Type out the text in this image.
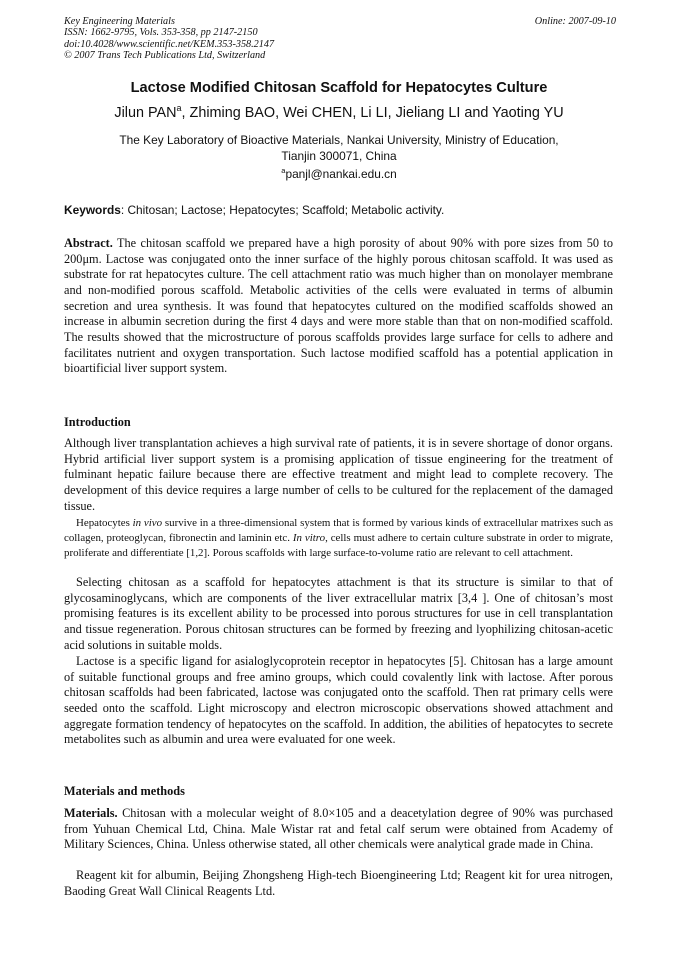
Key Engineering Materials
ISSN: 1662-9795, Vols. 353-358, pp 2147-2150
doi:10.4028/www.scientific.net/KEM.353-358.2147
© 2007 Trans Tech Publications Ltd, Switzerland
Online: 2007-09-10
Lactose Modified Chitosan Scaffold for Hepatocytes Culture
Jilun PAN$^a$, Zhiming BAO, Wei CHEN, Li LI, Jieliang LI and Yaoting YU
The Key Laboratory of Bioactive Materials, Nankai University, Ministry of Education,
Tianjin 300071, China
$^a$panjl@nankai.edu.cn
Keywords: Chitosan; Lactose; Hepatocytes; Scaffold; Metabolic activity.

Abstract. The chitosan scaffold we prepared have a high porosity of about 90% with pore sizes from 50 to 200μm. Lactose was conjugated onto the inner surface of the highly porous chitosan scaffold. It was used as substrate for rat hepatocytes culture. The cell attachment ratio was much higher than on monolayer membrane and non-modified porous scaffold. Metabolic activities of the cells were evaluated in terms of albumin secretion and urea synthesis. It was found that hepatocytes cultured on the modified scaffolds showed an increase in albumin secretion during the first 4 days and were more stable than that on non-modified scaffold. The results showed that the microstructure of porous scaffolds provides large surface for cells to adhere and facilitates nutrient and oxygen transportation. Such lactose modified scaffold has a potential application in bioartificial liver support system.

Introduction

Although liver transplantation achieves a high survival rate of patients, it is in severe shortage of donor organs. Hybrid artificial liver support system is a promising application of tissue engineering for the treatment of fulminant hepatic failure because there are effective treatment and might lead to complete recovery. The development of this device requires a large number of cells to be cultured for the replacement of the damaged tissue.

Hepatocytes in vivo survive in a three-dimensional system that is formed by various kinds of extracellular matrixes such as collagen, proteoglycan, fibronectin and laminin etc. In vitro, cells must adhere to certain culture substrate in order to migrate, proliferate and differentiate [1,2]. Porous scaffolds with large surface-to-volume ratio are relevant to cell attachment.

Selecting chitosan as a scaffold for hepatocytes attachment is that its structure is similar to that of glycosaminoglycans, which are components of the liver extracellular matrix [3,4 ]. One of chitosan’s most promising features is its excellent ability to be processed into porous structures for use in cell transplantation and tissue regeneration. Porous chitosan structures can be formed by freezing and lyophilizing chitosan-acetic acid solutions in suitable molds.

Lactose is a specific ligand for asialoglycoprotein receptor in hepatocytes [5]. Chitosan has a large amount of suitable functional groups and free amino groups, which could covalently link with lactose. After porous chitosan scaffolds had been fabricated, lactose was conjugated onto the scaffold. Then rat primary cells were seeded onto the scaffold. Light microscopy and electron microscopic observations showed attachment and aggregate formation tendency of hepatocytes on the scaffold. In addition, the abilities of hepatocytes to secrete metabolites such as albumin and urea were evaluated for one week.

Materials and methods

Materials. Chitosan with a molecular weight of 8.0×105 and a deacetylation degree of 90% was purchased from Yuhuan Chemical Ltd, China. Male Wistar rat and fetal calf serum were obtained from Academy of Military Sciences, China. Unless otherwise stated, all other chemicals were analytical grade made in China.

Reagent kit for albumin, Beijing Zhongsheng High-tech Bioengineering Ltd; Reagent kit for urea nitrogen, Baoding Great Wall Clinical Reagents Ltd.
